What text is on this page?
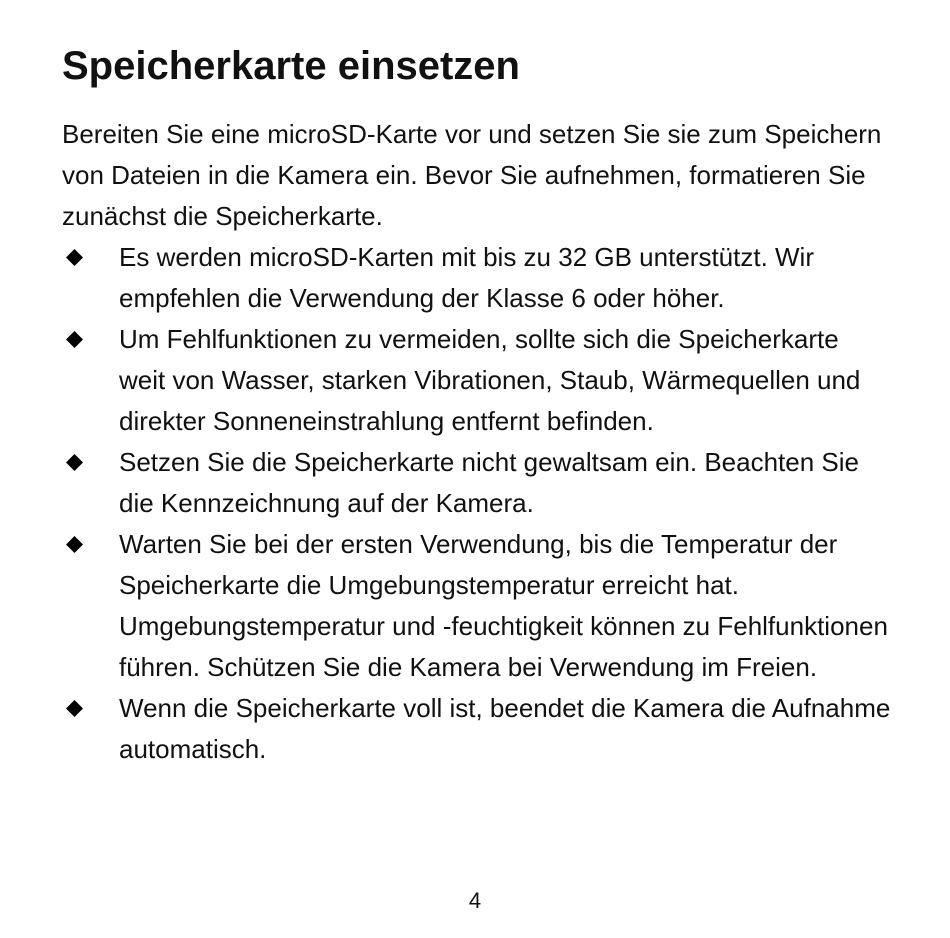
Speicherkarte einsetzen

Bereiten Sie eine microSD-Karte vor und setzen Sie sie zum Speichern von Dateien in die Kamera ein. Bevor Sie aufnehmen, formatieren Sie zunächst die Speicherkarte.

Es werden microSD-Karten mit bis zu 32 GB unterstützt. Wir empfehlen die Verwendung der Klasse 6 oder höher.
Um Fehlfunktionen zu vermeiden, sollte sich die Speicherkarte weit von Wasser, starken Vibrationen, Staub, Wärmequellen und direkter Sonneneinstrahlung entfernt befinden.
Setzen Sie die Speicherkarte nicht gewaltsam ein. Beachten Sie die Kennzeichnung auf der Kamera.
Warten Sie bei der ersten Verwendung, bis die Temperatur der Speicherkarte die Umgebungstemperatur erreicht hat. Umgebungstemperatur und -feuchtigkeit können zu Fehlfunktionen führen. Schützen Sie die Kamera bei Verwendung im Freien.
Wenn die Speicherkarte voll ist, beendet die Kamera die Aufnahme automatisch.
4
